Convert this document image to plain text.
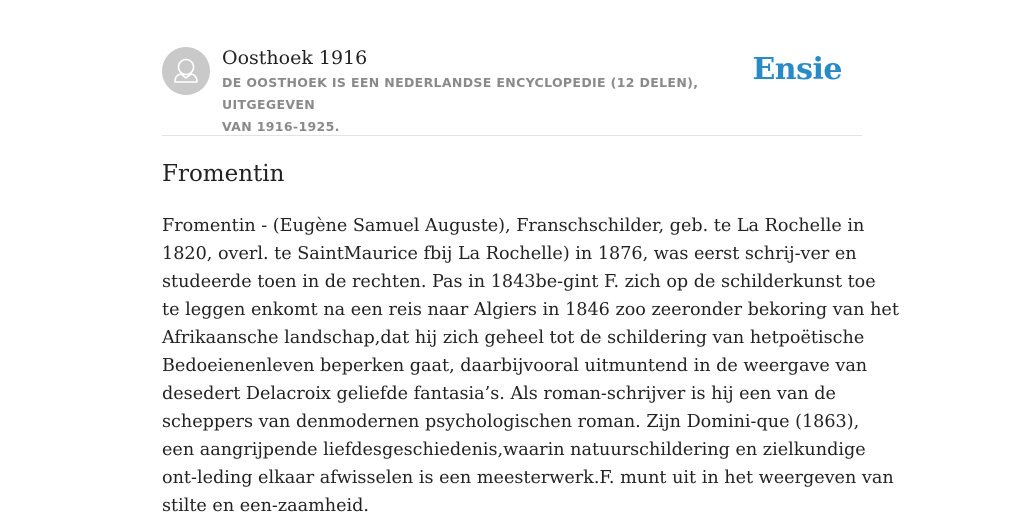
Oosthoek 1916
DE OOSTHOEK IS EEN NEDERLANDSE ENCYCLOPEDIE (12 DELEN), UITGEGEVEN
VAN 1916-1925.
Ensie
Fromentin

Fromentin - (Eugène Samuel Auguste), Franschschilder, geb. te La Rochelle in
1820, overl. te SaintMaurice fbij La Rochelle) in 1876, was eerst schrij-ver en
studeerde toen in de rechten. Pas in 1843be-gint F. zich op de schilderkunst toe
te leggen enkomt na een reis naar Algiers in 1846 zoo zeeronder bekoring van het
Afrikaansche landschap,dat hij zich geheel tot de schildering van hetpoëtische
Bedoeienenleven beperken gaat, daarbijvooral uitmuntend in de weergave van
desedert Delacroix geliefde fantasia’s. Als roman-schrijver is hij een van de
scheppers van denmodernen psychologischen roman. Zijn Domini-que (1863),
een aangrijpende liefdesgeschiedenis,waarin natuurschildering en zielkundige
ont-leding elkaar afwisselen is een meesterwerk.F. munt uit in het weergeven van
stilte en een-zaamheid.
